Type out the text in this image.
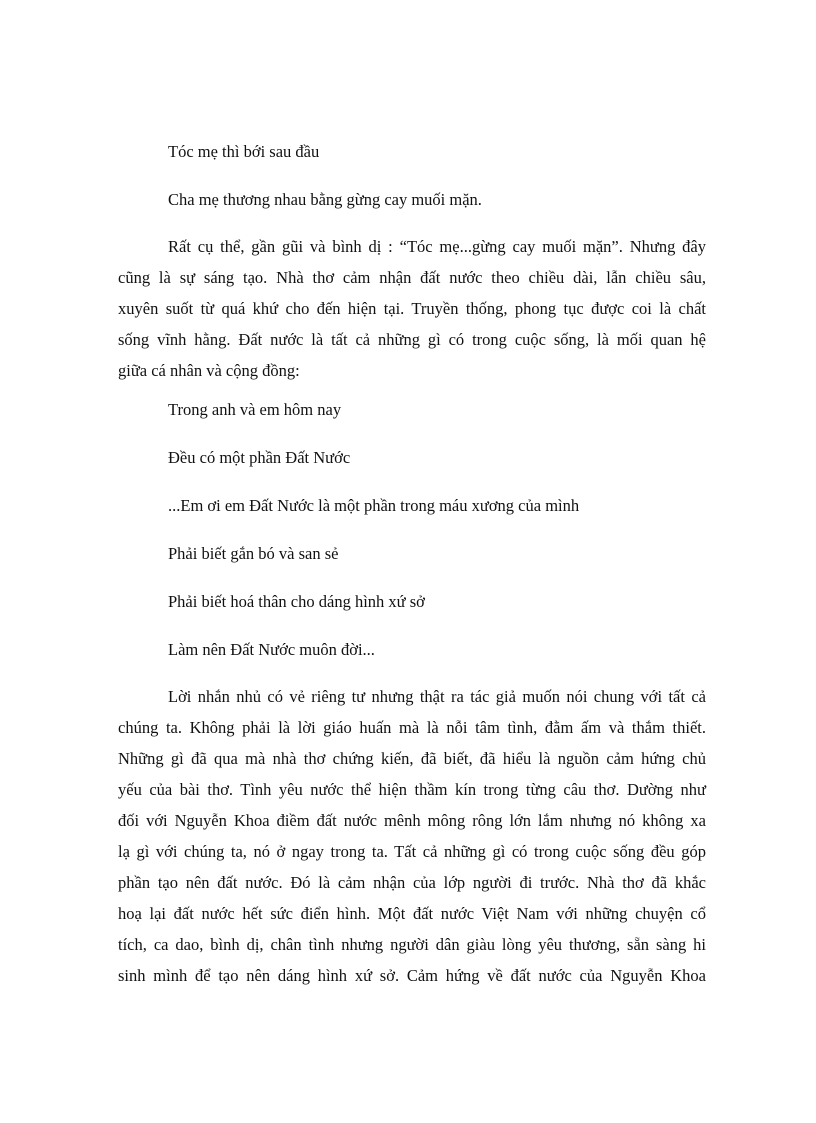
Tóc mẹ thì bới sau đầu
Cha mẹ thương nhau bằng gừng cay muối mặn.
Rất cụ thể, gần gũi và bình dị : “Tóc mẹ...gừng cay muối mặn”. Nhưng đây
cũng là sự sáng tạo. Nhà thơ cảm nhận đất nước theo chiều dài, lẫn chiều sâu,
xuyên suốt từ quá khứ cho đến hiện tại. Truyền thống, phong tục được coi là chất
sống vĩnh hằng. Đất nước là tất cả những gì có trong cuộc sống, là mối quan hệ
giữa cá nhân và cộng đồng:
Trong anh và em hôm nay
Đều có một phần Đất Nước
...Em ơi em Đất Nước là một phần trong máu xương của mình
Phải biết gắn bó và san sẻ
Phải biết hoá thân cho dáng hình xứ sở
Làm nên Đất Nước muôn đời...
Lời nhắn nhủ có vẻ riêng tư nhưng thật ra tác giả muốn nói chung với tất cả
chúng ta. Không phải là lời giáo huấn mà là nỗi tâm tình, đằm ấm và thắm thiết.
Những gì đã qua mà nhà thơ chứng kiến, đã biết, đã hiểu là nguồn cảm hứng chủ
yếu của bài thơ. Tình yêu nước thể hiện thầm kín trong từng câu thơ. Dường như
đối với Nguyễn Khoa điềm đất nước mênh mông rông lớn lắm nhưng nó không xa
lạ gì với chúng ta, nó ở ngay trong ta. Tất cả những gì có trong cuộc sống đều góp
phần tạo nên đất nước. Đó là cảm nhận của lớp người đi trước. Nhà thơ đã khắc
hoạ lại đất nước hết sức điển hình. Một đất nước Việt Nam với những chuyện cổ
tích, ca dao, bình dị, chân tình nhưng người dân giàu lòng yêu thương, sẵn sàng hi
sinh mình để tạo nên dáng hình xứ sở. Cảm hứng về đất nước của Nguyễn Khoa
